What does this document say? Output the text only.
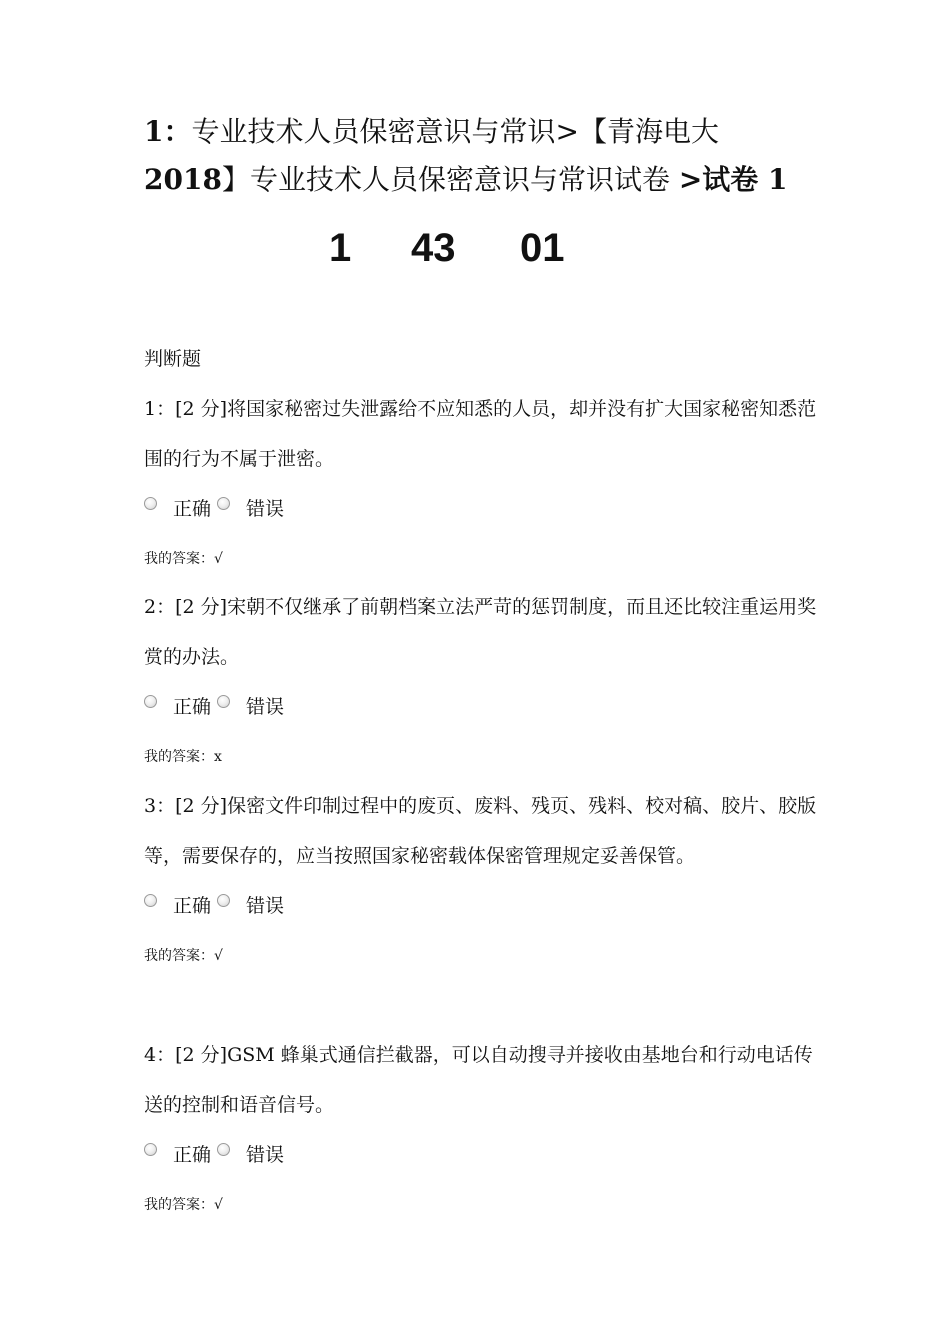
1：专业技术人员保密意识与常识>【青海电大
2018】专业技术人员保密意识与常识试卷 >试卷 1
1 43 01

判断题

1：[2 分]将国家秘密过失泄露给不应知悉的人员，却并没有扩大国家秘密知悉范围的行为不属于泄密。

正确 错误

我的答案：√

2：[2 分]宋朝不仅继承了前朝档案立法严苛的惩罚制度，而且还比较注重运用奖赏的办法。

正确 错误

我的答案：x

3：[2 分]保密文件印制过程中的废页、废料、残页、残料、校对稿、胶片、胶版等，需要保存的，应当按照国家秘密载体保密管理规定妥善保管。

正确 错误

我的答案：√

4：[2 分]GSM 蜂巢式通信拦截器，可以自动搜寻并接收由基地台和行动电话传送的控制和语音信号。

正确 错误

我的答案：√
